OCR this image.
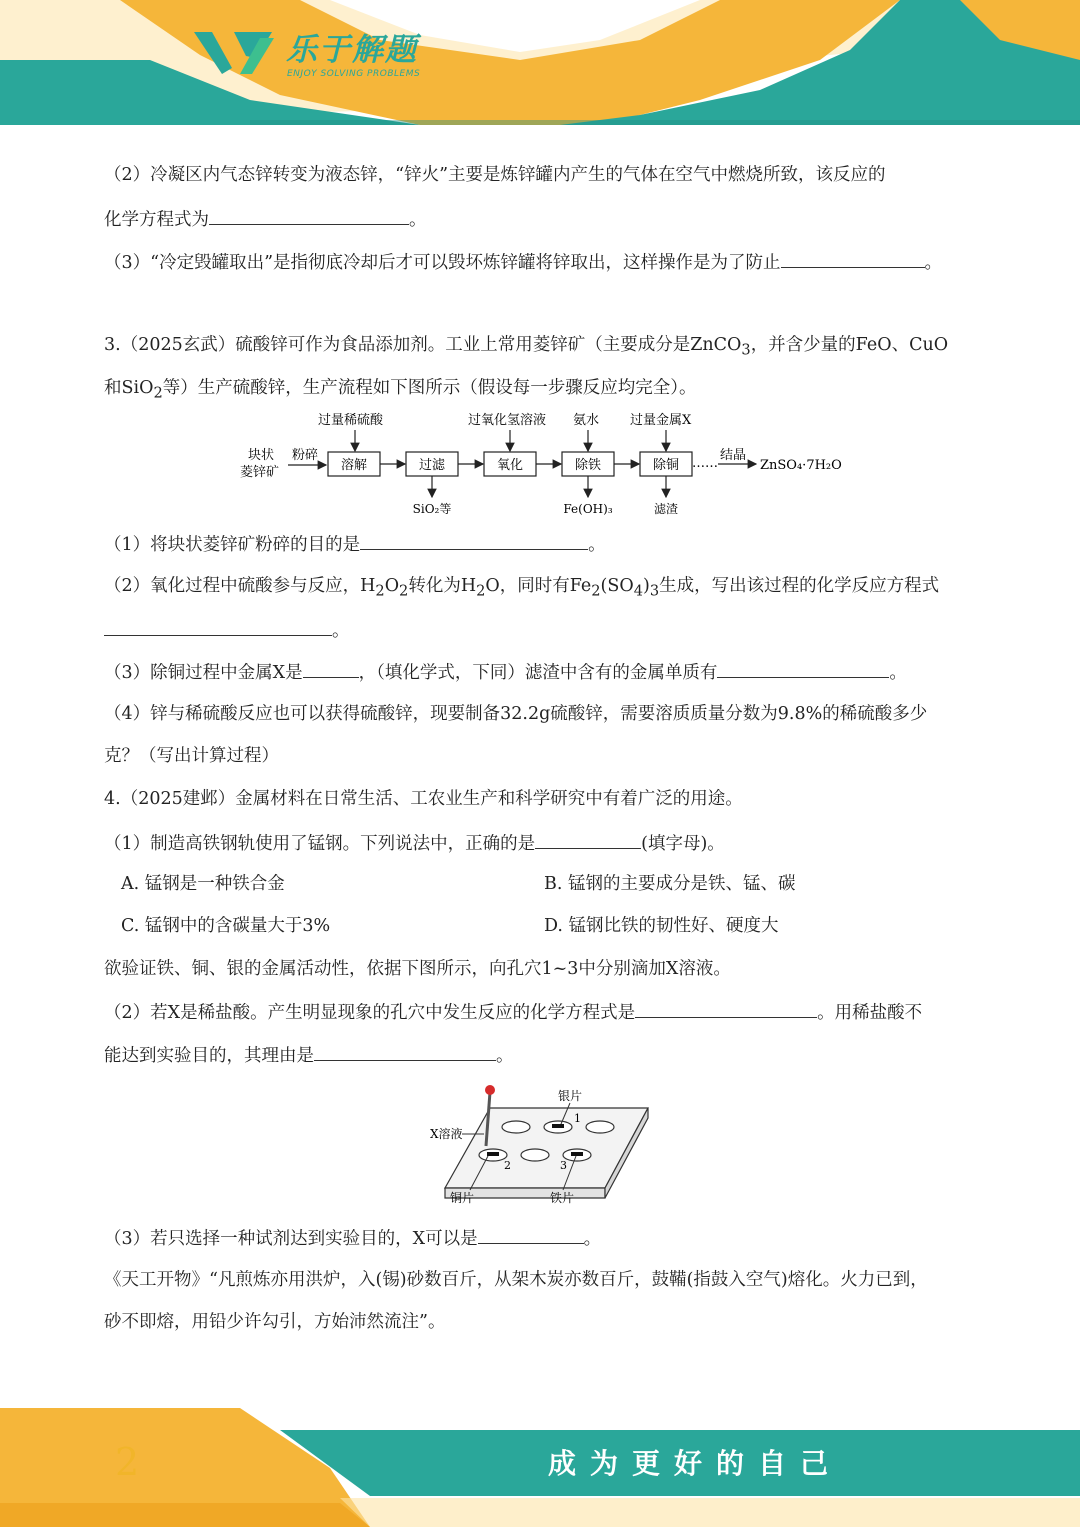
乐于解题
ENJOY SOLVING PROBLEMS
（2）冷凝区内气态锌转变为液态锌，“锌火”主要是炼锌罐内产生的气体在空气中燃烧所致，该反应的
化学方程式为	。
（3）“冷定毁罐取出”是指彻底冷却后才可以毁坏炼锌罐将锌取出，这样操作是为了防止	。
3.（2025玄武）硫酸锌可作为食品添加剂。工业上常用菱锌矿（主要成分是ZnCO$_3$，并含少量的FeO、CuO
和SiO$_2$等）生产硫酸锌，生产流程如下图所示（假设每一步骤反应均完全）。
块状
菱锌矿
粉碎
过量稀硫酸
溶解	过滤
SiO₂等
过氧化氢溶液
氧化
氨水
除铁
Fe(OH)₃
过量金属X
除铜
滤渣
……
结晶
ZnSO₄·7H₂O
（1）将块状菱锌矿粉碎的目的是	。
（2）氧化过程中硫酸参与反应，$H_2O_2$转化为$H_2O$，同时有$Fe_2(SO_4)_3$生成，写出该过程的化学反应方程式
。
（3）除铜过程中金属X是	，（填化学式，下同）滤渣中含有的金属单质有	。
（4）锌与稀硫酸反应也可以获得硫酸锌，现要制备32.2g硫酸锌，需要溶质质量分数为9.8%的稀硫酸多少
克？（写出计算过程）
4.（2025建邺）金属材料在日常生活、工农业生产和科学研究中有着广泛的用途。
（1）制造高铁钢轨使用了锰钢。下列说法中，正确的是	(填字母)。
A. 锰钢是一种铁合金	B. 锰钢的主要成分是铁、锰、碳
C. 锰钢中的含碳量大于3%	D. 锰钢比铁的韧性好、硬度大
欲验证铁、铜、银的金属活动性，依据下图所示，向孔穴1~3中分别滴加X溶液。
（2）若X是稀盐酸。产生明显现象的孔穴中发生反应的化学方程式是	。用稀盐酸不
能达到实验目的，其理由是	。
X溶液
银片
1
2	3
铜片	铁片
（3）若只选择一种试剂达到实验目的，X可以是	。
《天工开物》“凡煎炼亦用洪炉，入(锡)砂数百斤，从架木炭亦数百斤，鼓鞴(指鼓入空气)熔化。火力已到，
砂不即熔，用铅少许勾引，方始沛然流注”。
2	成为更好的自己
